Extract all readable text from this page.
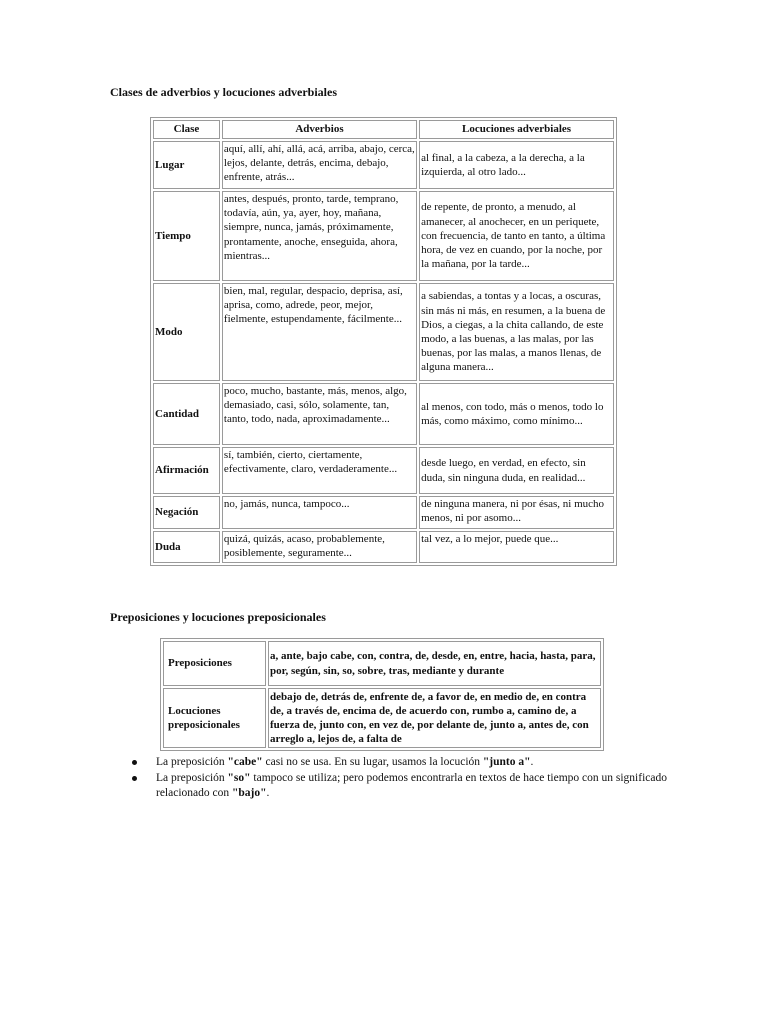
Clases de adverbios y locuciones adverbiales
Clase	Adverbios	Locuciones adverbiales
Lugar	aquí, allí, ahí, allá, acá, arriba, abajo, cerca, lejos, delante, detrás, encima, debajo, enfrente, atrás...	al final, a la cabeza, a la derecha, a la izquierda, al otro lado...
Tiempo	antes, después, pronto, tarde, temprano, todavía, aún, ya, ayer, hoy, mañana, siempre, nunca, jamás, próximamente, prontamente, anoche, enseguida, ahora, mientras...	de repente, de pronto, a menudo, al amanecer, al anochecer, en un periquete, con frecuencia, de tanto en tanto, a última hora, de vez en cuando, por la noche, por la mañana, por la tarde...
Modo	bien, mal, regular, despacio, deprisa, así, aprisa, como, adrede, peor, mejor, fielmente, estupendamente, fácilmente...	a sabiendas, a tontas y a locas, a oscuras, sin más ni más, en resumen, a la buena de Dios, a ciegas, a la chita callando, de este modo, a las buenas, a las malas, por las buenas, por las malas, a manos llenas, de alguna manera...
Cantidad	poco, mucho, bastante, más, menos, algo, demasiado, casi, sólo, solamente, tan, tanto, todo, nada, aproximadamente...	al menos, con todo, más o menos, todo lo más, como máximo, como mínimo...
Afirmación	sí, también, cierto, ciertamente, efectivamente, claro, verdaderamente...	desde luego, en verdad, en efecto, sin duda, sin ninguna duda, en realidad...
Negación	no, jamás, nunca, tampoco...	de ninguna manera, ni por ésas, ni mucho menos, ni por asomo...
Duda	quizá, quizás, acaso, probablemente, posiblemente, seguramente...	tal vez, a lo mejor, puede que...
Preposiciones y locuciones preposicionales
Preposiciones	a, ante, bajo cabe, con, contra, de, desde, en, entre, hacia, hasta, para, por, según, sin, so, sobre, tras, mediante y durante
Locuciones preposicionales	debajo de, detrás de, enfrente de, a favor de, en medio de, en contra de, a través de, encima de, de acuerdo con, rumbo a, camino de, a fuerza de, junto con, en vez de, por delante de, junto a, antes de, con arreglo a, lejos de, a falta de
La preposición "cabe" casi no se usa. En su lugar, usamos la locución "junto a".
La preposición "so" tampoco se utiliza; pero podemos encontrarla en textos de hace tiempo con un significado relacionado con "bajo".
